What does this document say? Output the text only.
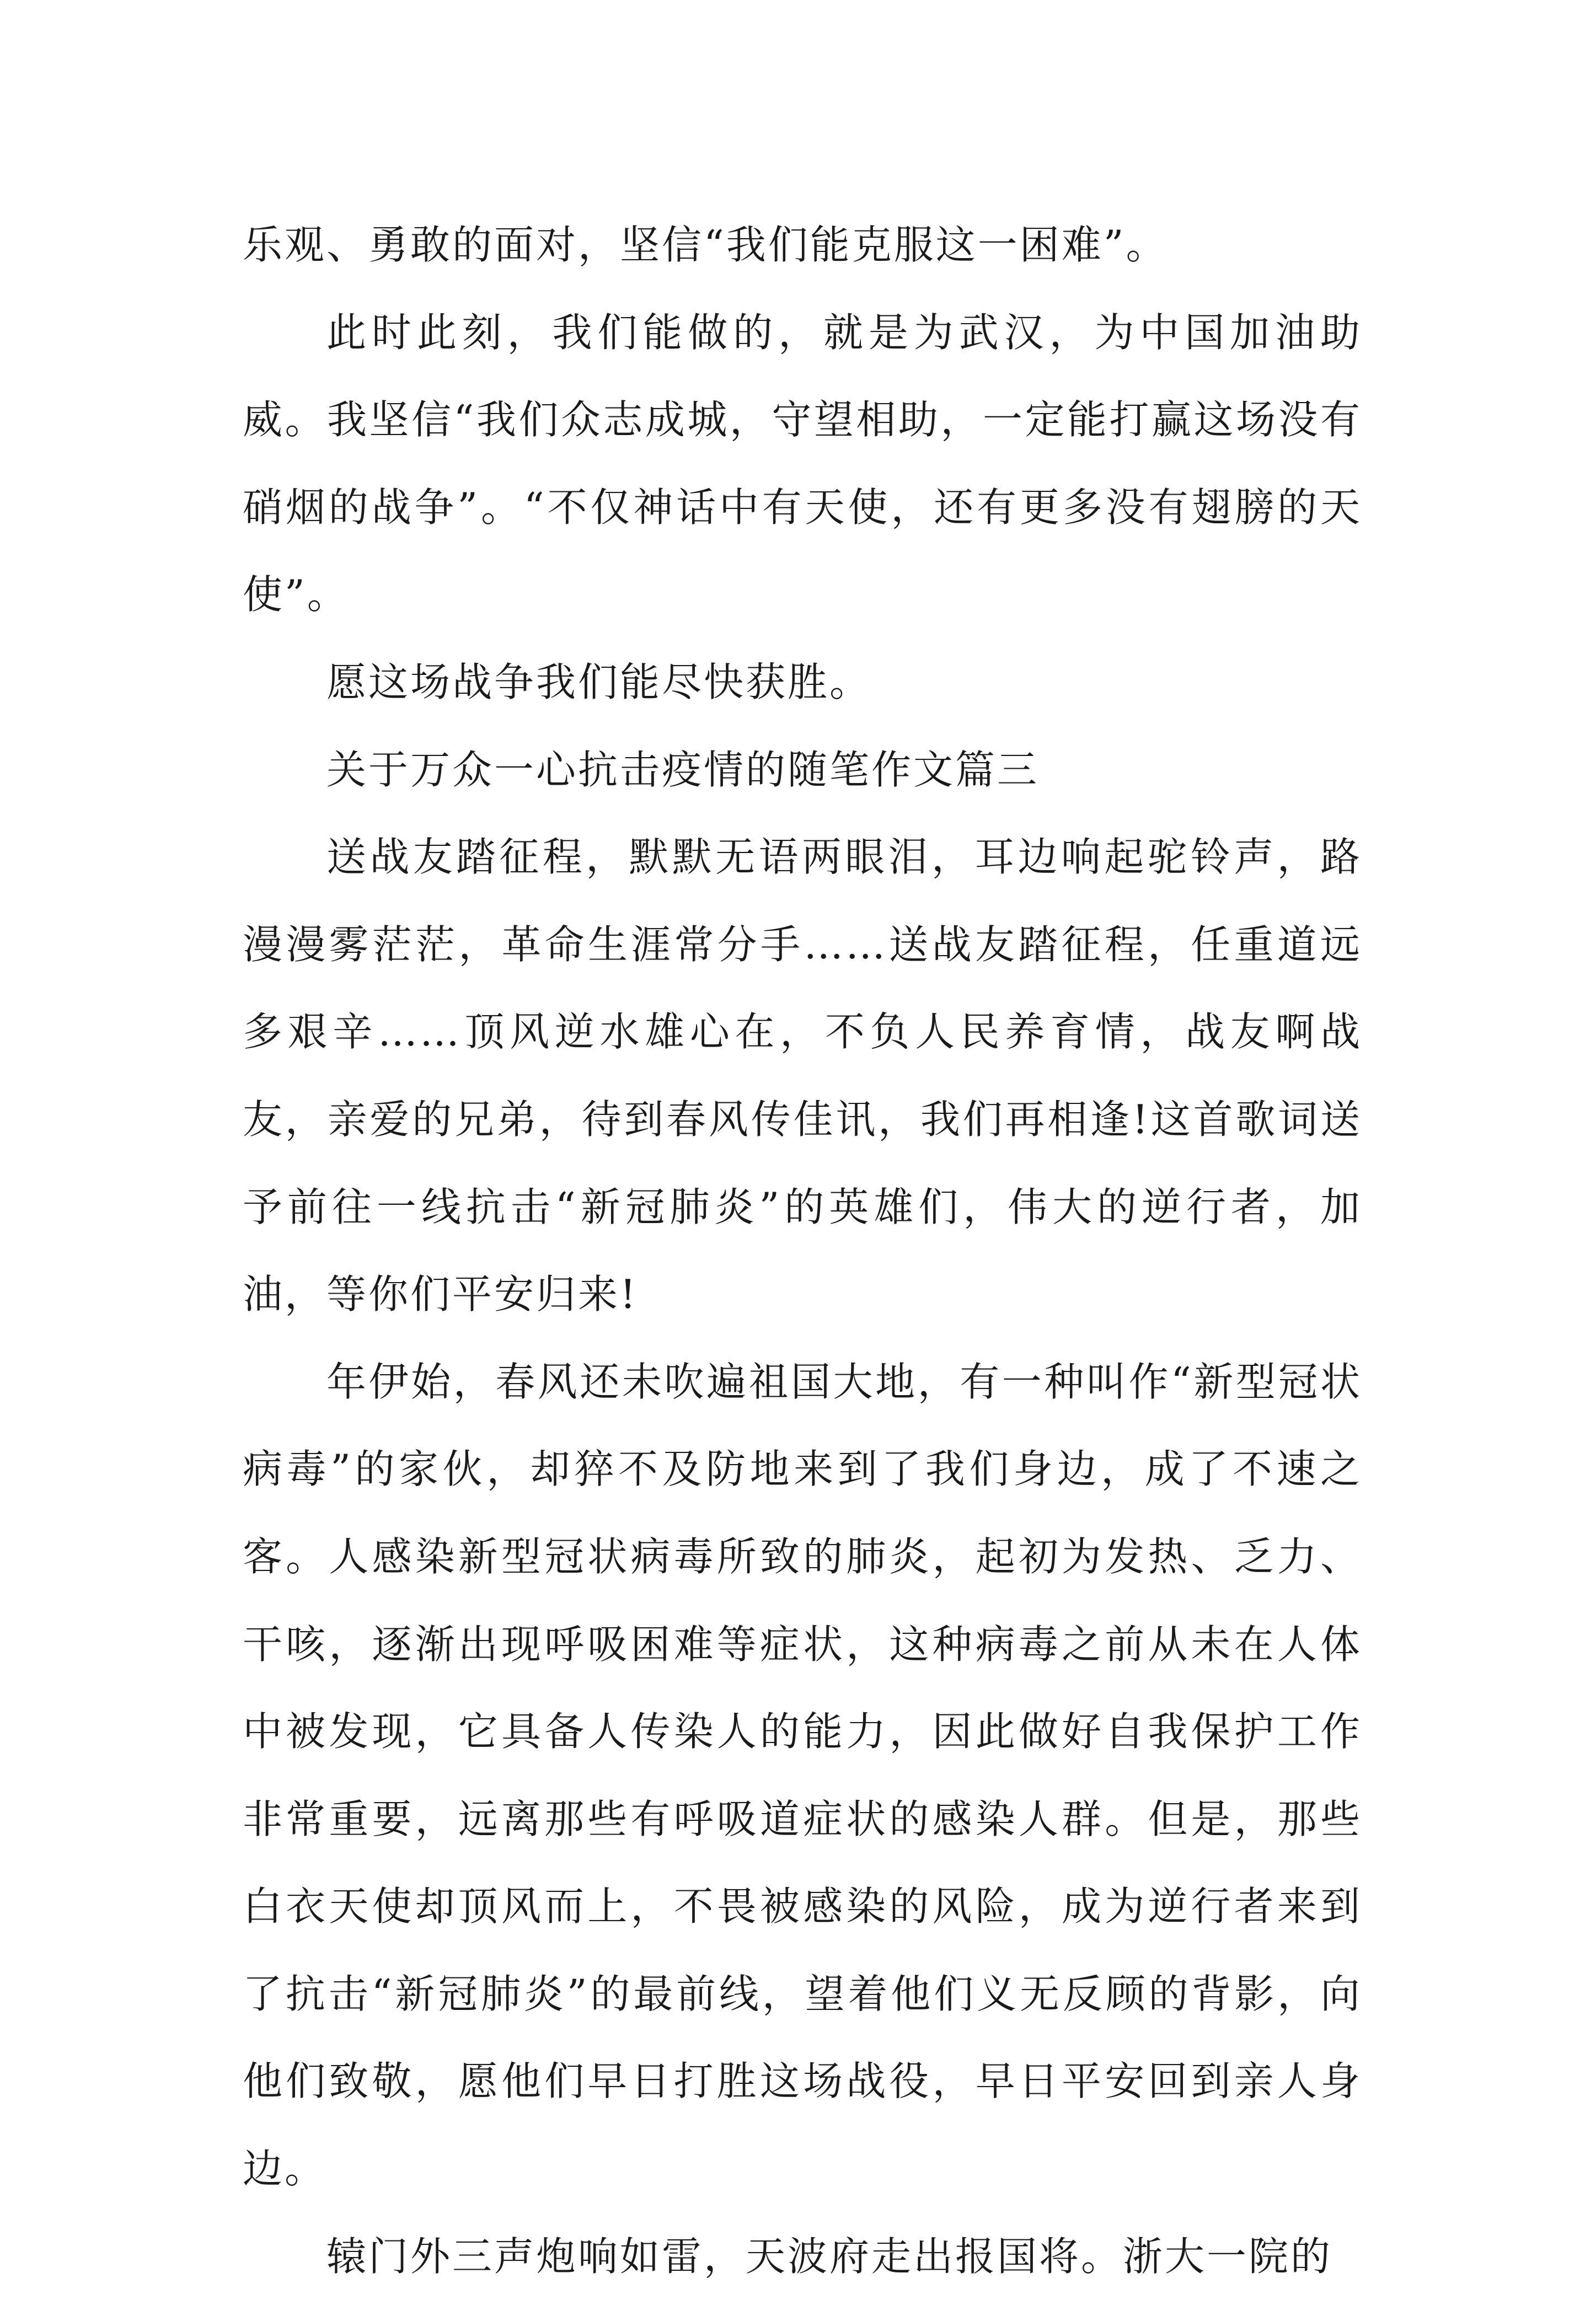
乐观、勇敢的面对，坚信“我们能克服这一困难”。

此时此刻，我们能做的，就是为武汉，为中国加油助威。我坚信“我们众志成城，守望相助，一定能打赢这场没有硝烟的战争”。“不仅神话中有天使，还有更多没有翅膀的天使”。

愿这场战争我们能尽快获胜。

关于万众一心抗击疫情的随笔作文篇三

送战友踏征程，默默无语两眼泪，耳边响起驼铃声，路漫漫雾茫茫，革命生涯常分手……送战友踏征程，任重道远多艰辛……顶风逆水雄心在，不负人民养育情，战友啊战友，亲爱的兄弟，待到春风传佳讯，我们再相逢!这首歌词送予前往一线抗击“新冠肺炎”的英雄们，伟大的逆行者，加油，等你们平安归来!

年伊始，春风还未吹遍祖国大地，有一种叫作“新型冠状病毒”的家伙，却猝不及防地来到了我们身边，成了不速之客。人感染新型冠状病毒所致的肺炎，起初为发热、乏力、干咳，逐渐出现呼吸困难等症状，这种病毒之前从未在人体中被发现，它具备人传染人的能力，因此做好自我保护工作非常重要，远离那些有呼吸道症状的感染人群。但是，那些白衣天使却顶风而上，不畏被感染的风险，成为逆行者来到了抗击“新冠肺炎”的最前线，望着他们义无反顾的背影，向他们致敬，愿他们早日打胜这场战役，早日平安回到亲人身边。

辕门外三声炮响如雷，天波府走出报国将。浙大一院的
